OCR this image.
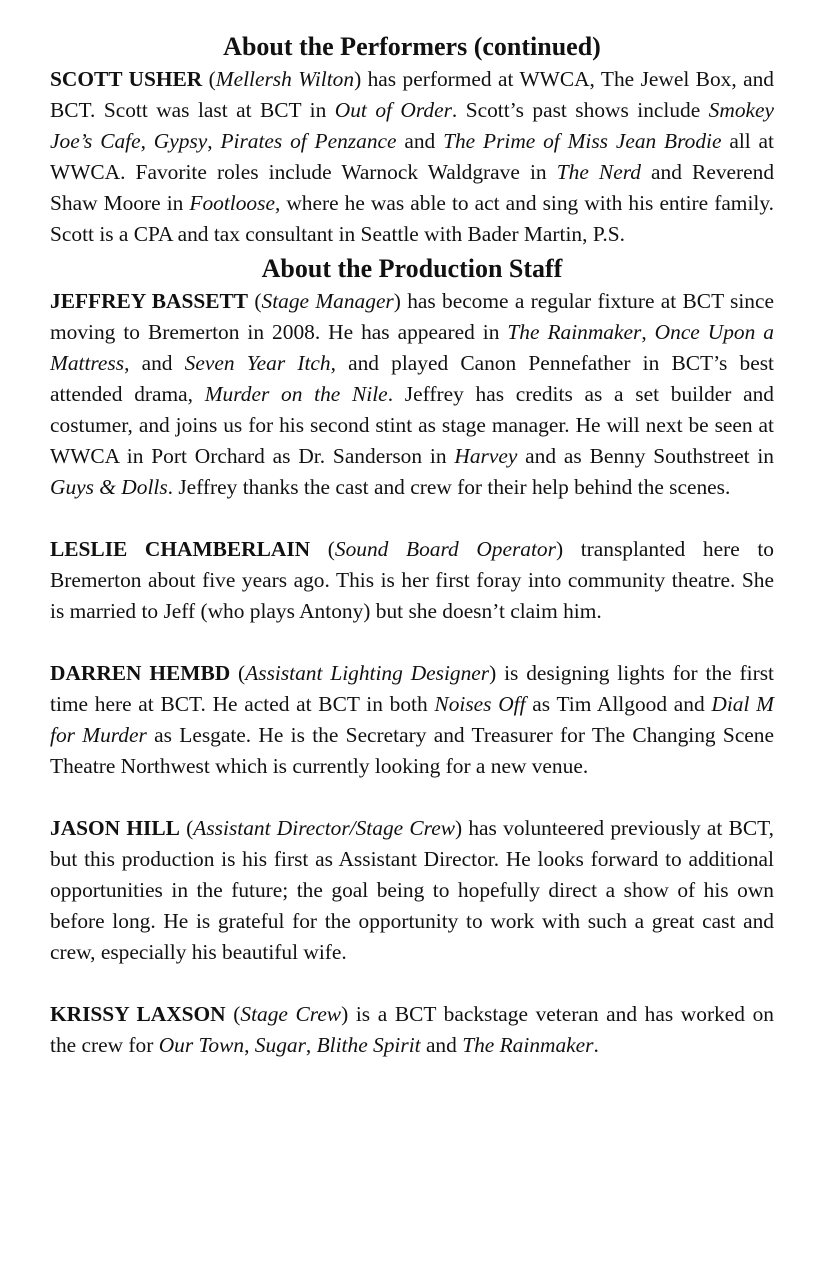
About the Performers (continued)

SCOTT USHER (Mellersh Wilton) has performed at WWCA, The Jewel Box, and BCT. Scott was last at BCT in Out of Order. Scott’s past shows include Smokey Joe’s Cafe, Gypsy, Pirates of Penzance and The Prime of Miss Jean Brodie all at WWCA. Favorite roles include Warnock Waldgrave in The Nerd and Reverend Shaw Moore in Footloose, where he was able to act and sing with his entire family. Scott is a CPA and tax consultant in Seattle with Bader Martin, P.S.

About the Production Staff

JEFFREY BASSETT (Stage Manager) has become a regular fixture at BCT since moving to Bremerton in 2008. He has appeared in The Rainmaker, Once Upon a Mattress, and Seven Year Itch, and played Canon Pennefather in BCT’s best attended drama, Murder on the Nile. Jeffrey has credits as a set builder and costumer, and joins us for his second stint as stage manager. He will next be seen at WWCA in Port Orchard as Dr. Sanderson in Harvey and as Benny Southstreet in Guys & Dolls. Jeffrey thanks the cast and crew for their help behind the scenes.

LESLIE CHAMBERLAIN (Sound Board Operator) transplanted here to Bremerton about five years ago. This is her first foray into community theatre. She is married to Jeff (who plays Antony) but she doesn’t claim him.

DARREN HEMBD (Assistant Lighting Designer) is designing lights for the first time here at BCT. He acted at BCT in both Noises Off as Tim Allgood and Dial M for Murder as Lesgate. He is the Secretary and Treasurer for The Changing Scene Theatre Northwest which is currently looking for a new venue.

JASON HILL (Assistant Director/Stage Crew) has volunteered previously at BCT, but this production is his first as Assistant Director. He looks forward to additional opportunities in the future; the goal being to hopefully direct a show of his own before long. He is grateful for the opportunity to work with such a great cast and crew, especially his beautiful wife.

KRISSY LAXSON (Stage Crew) is a BCT backstage veteran and has worked on the crew for Our Town, Sugar, Blithe Spirit and The Rainmaker.
